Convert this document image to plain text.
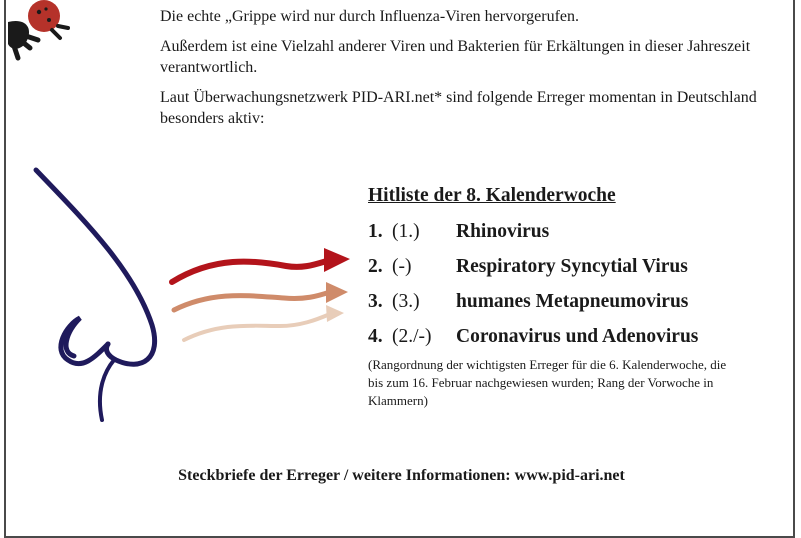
Die echte „Grippe wird nur durch Influenza-Viren hervorgerufen.

Außerdem ist eine Vielzahl anderer Viren und Bakterien für Erkältungen in dieser Jahreszeit verantwortlich.

Laut Überwachungsnetzwerk PID-ARI.net* sind folgende Erreger momentan in Deutschland besonders aktiv:

Hitliste der 8. Kalenderwoche
1. (1.)	Rhinovirus
2. (-)	Respiratory Syncytial Virus
3. (3.)	humanes Metapneumovirus
4. (2./-)	Coronavirus und Adenovirus
(Rangordnung der wichtigsten Erreger für die 6. Kalenderwoche, die bis zum 16. Februar nachgewiesen wurden; Rang der Vorwoche in Klammern)
Steckbriefe der Erreger / weitere Informationen: www.pid-ari.net
